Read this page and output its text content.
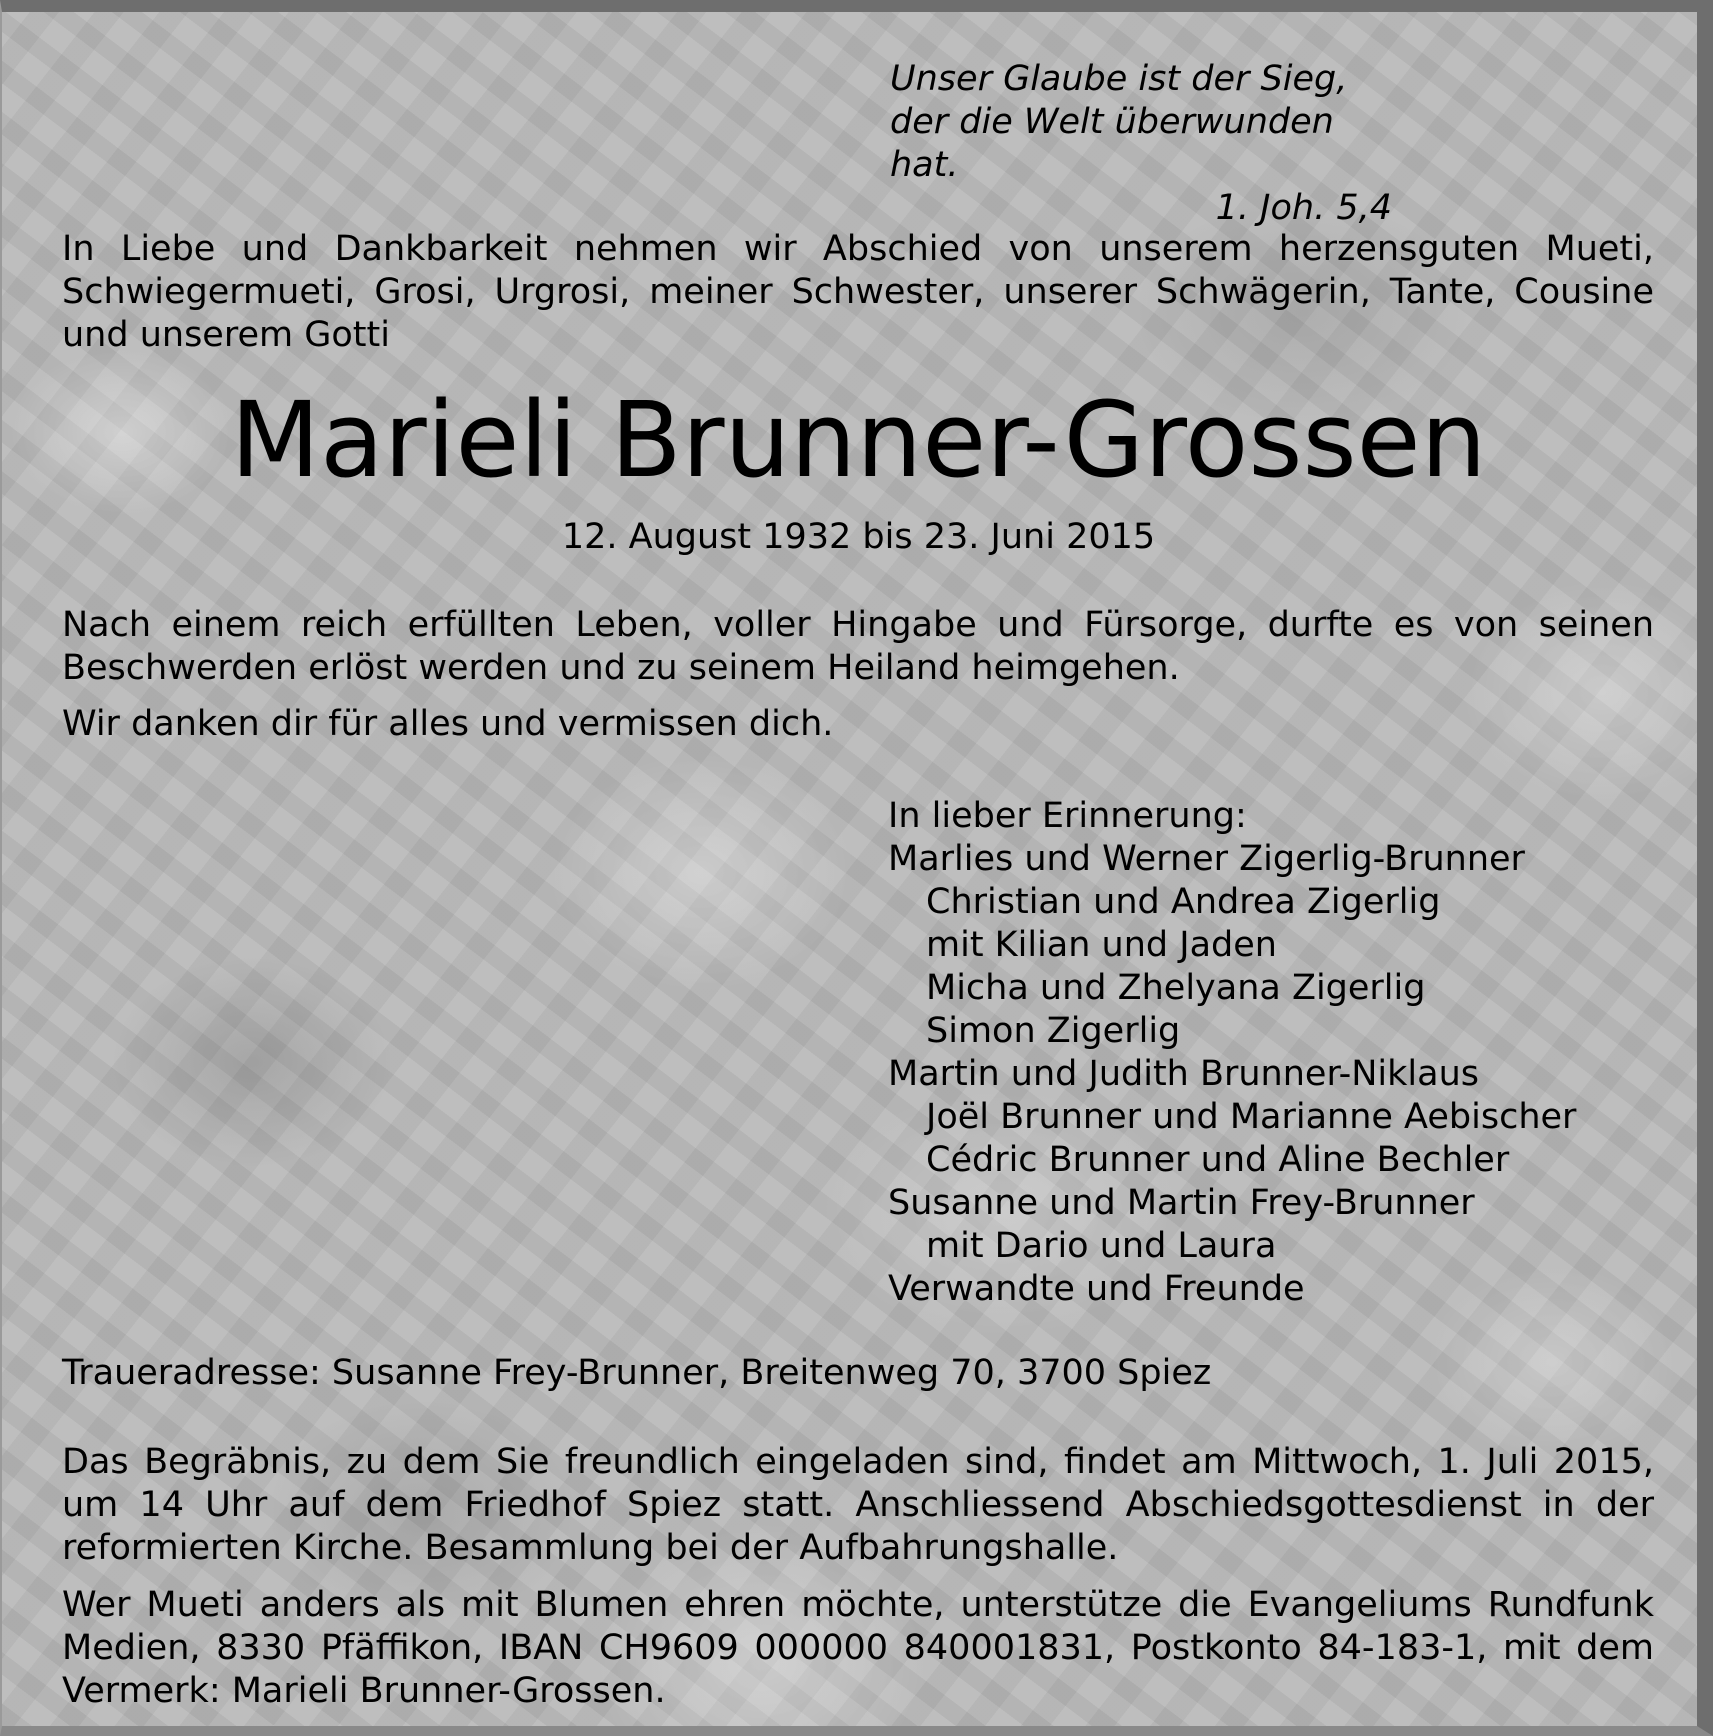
Unser Glaube ist der Sieg,
der die Welt überwunden hat.
1. Joh. 5,4
In Liebe und Dankbarkeit nehmen wir Abschied von unserem herzensguten Mueti, Schwiegermueti, Grosi, Urgrosi, meiner Schwester, unserer Schwägerin, Tante, Cousine und unserem Gotti
Marieli Brunner-Grossen
12. August 1932 bis 23. Juni 2015
Nach einem reich erfüllten Leben, voller Hingabe und Fürsorge, durfte es von seinen Beschwerden erlöst werden und zu seinem Heiland heimgehen.
Wir danken dir für alles und vermissen dich.
In lieber Erinnerung:
Marlies und Werner Zigerlig-Brunner
Christian und Andrea Zigerlig
mit Kilian und Jaden
Micha und Zhelyana Zigerlig
Simon Zigerlig
Martin und Judith Brunner-Niklaus
Joël Brunner und Marianne Aebischer
Cédric Brunner und Aline Bechler
Susanne und Martin Frey-Brunner
mit Dario und Laura
Verwandte und Freunde
Traueradresse: Susanne Frey-Brunner, Breitenweg 70, 3700 Spiez
Das Begräbnis, zu dem Sie freundlich eingeladen sind, findet am Mittwoch, 1. Juli 2015, um 14 Uhr auf dem Friedhof Spiez statt. Anschliessend Abschiedsgottesdienst in der reformierten Kirche. Besammlung bei der Aufbahrungshalle.
Wer Mueti anders als mit Blumen ehren möchte, unterstütze die Evangeliums Rundfunk Medien, 8330 Pfäffikon, IBAN CH9609 000000 840001831, Postkonto 84-183-1, mit dem Vermerk: Marieli Brunner-Grossen.
